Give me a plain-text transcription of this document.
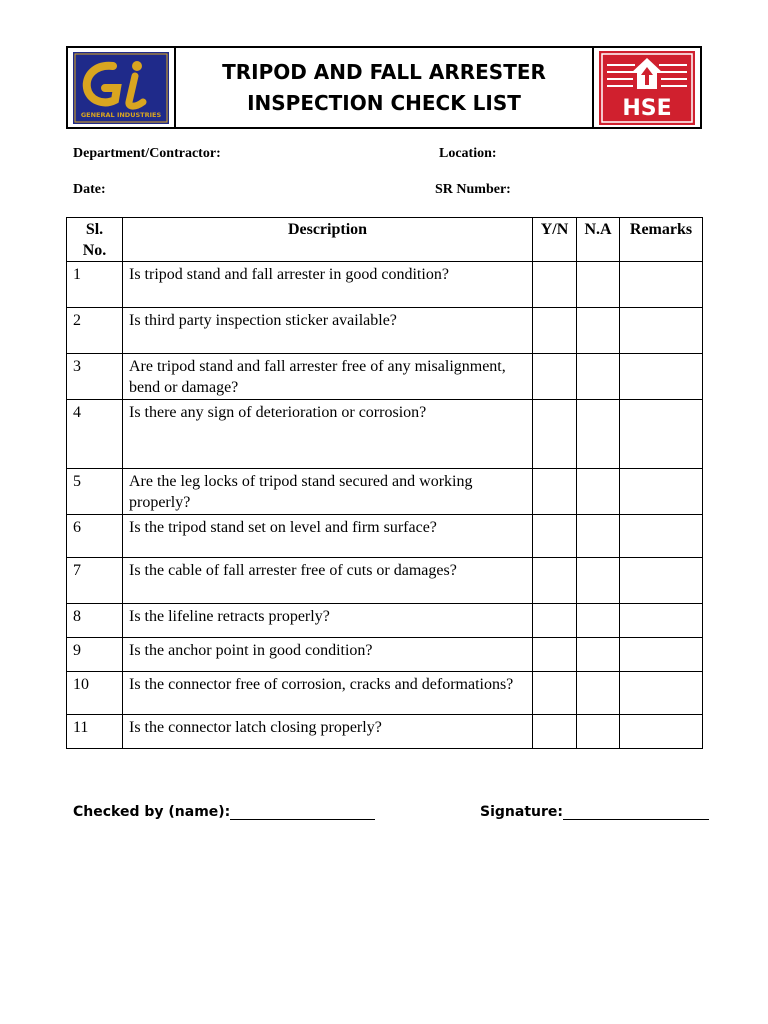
GENERAL INDUSTRIES
TRIPOD AND FALL ARRESTER
INSPECTION CHECK LIST	HSE
Department/Contractor:	Location:
Date:	SR Number:
Sl. No.	Description	Y/N	N.A	Remarks
1	Is tripod stand and fall arrester in good condition?			
2	Is third party inspection sticker available?			
3	Are tripod stand and fall arrester free of any misalignment, bend or damage?			
4	Is there any sign of deterioration or corrosion?			
5	Are the leg locks of tripod stand secured and working properly?			
6	Is the tripod stand set on level and firm surface?			
7	Is the cable of fall arrester free of cuts or damages?			
8	Is the lifeline retracts properly?			
9	Is the anchor point in good condition?			
10	Is the connector free of corrosion, cracks and deformations?			
11	Is the connector latch closing properly?			
Checked by (name):	Signature:
